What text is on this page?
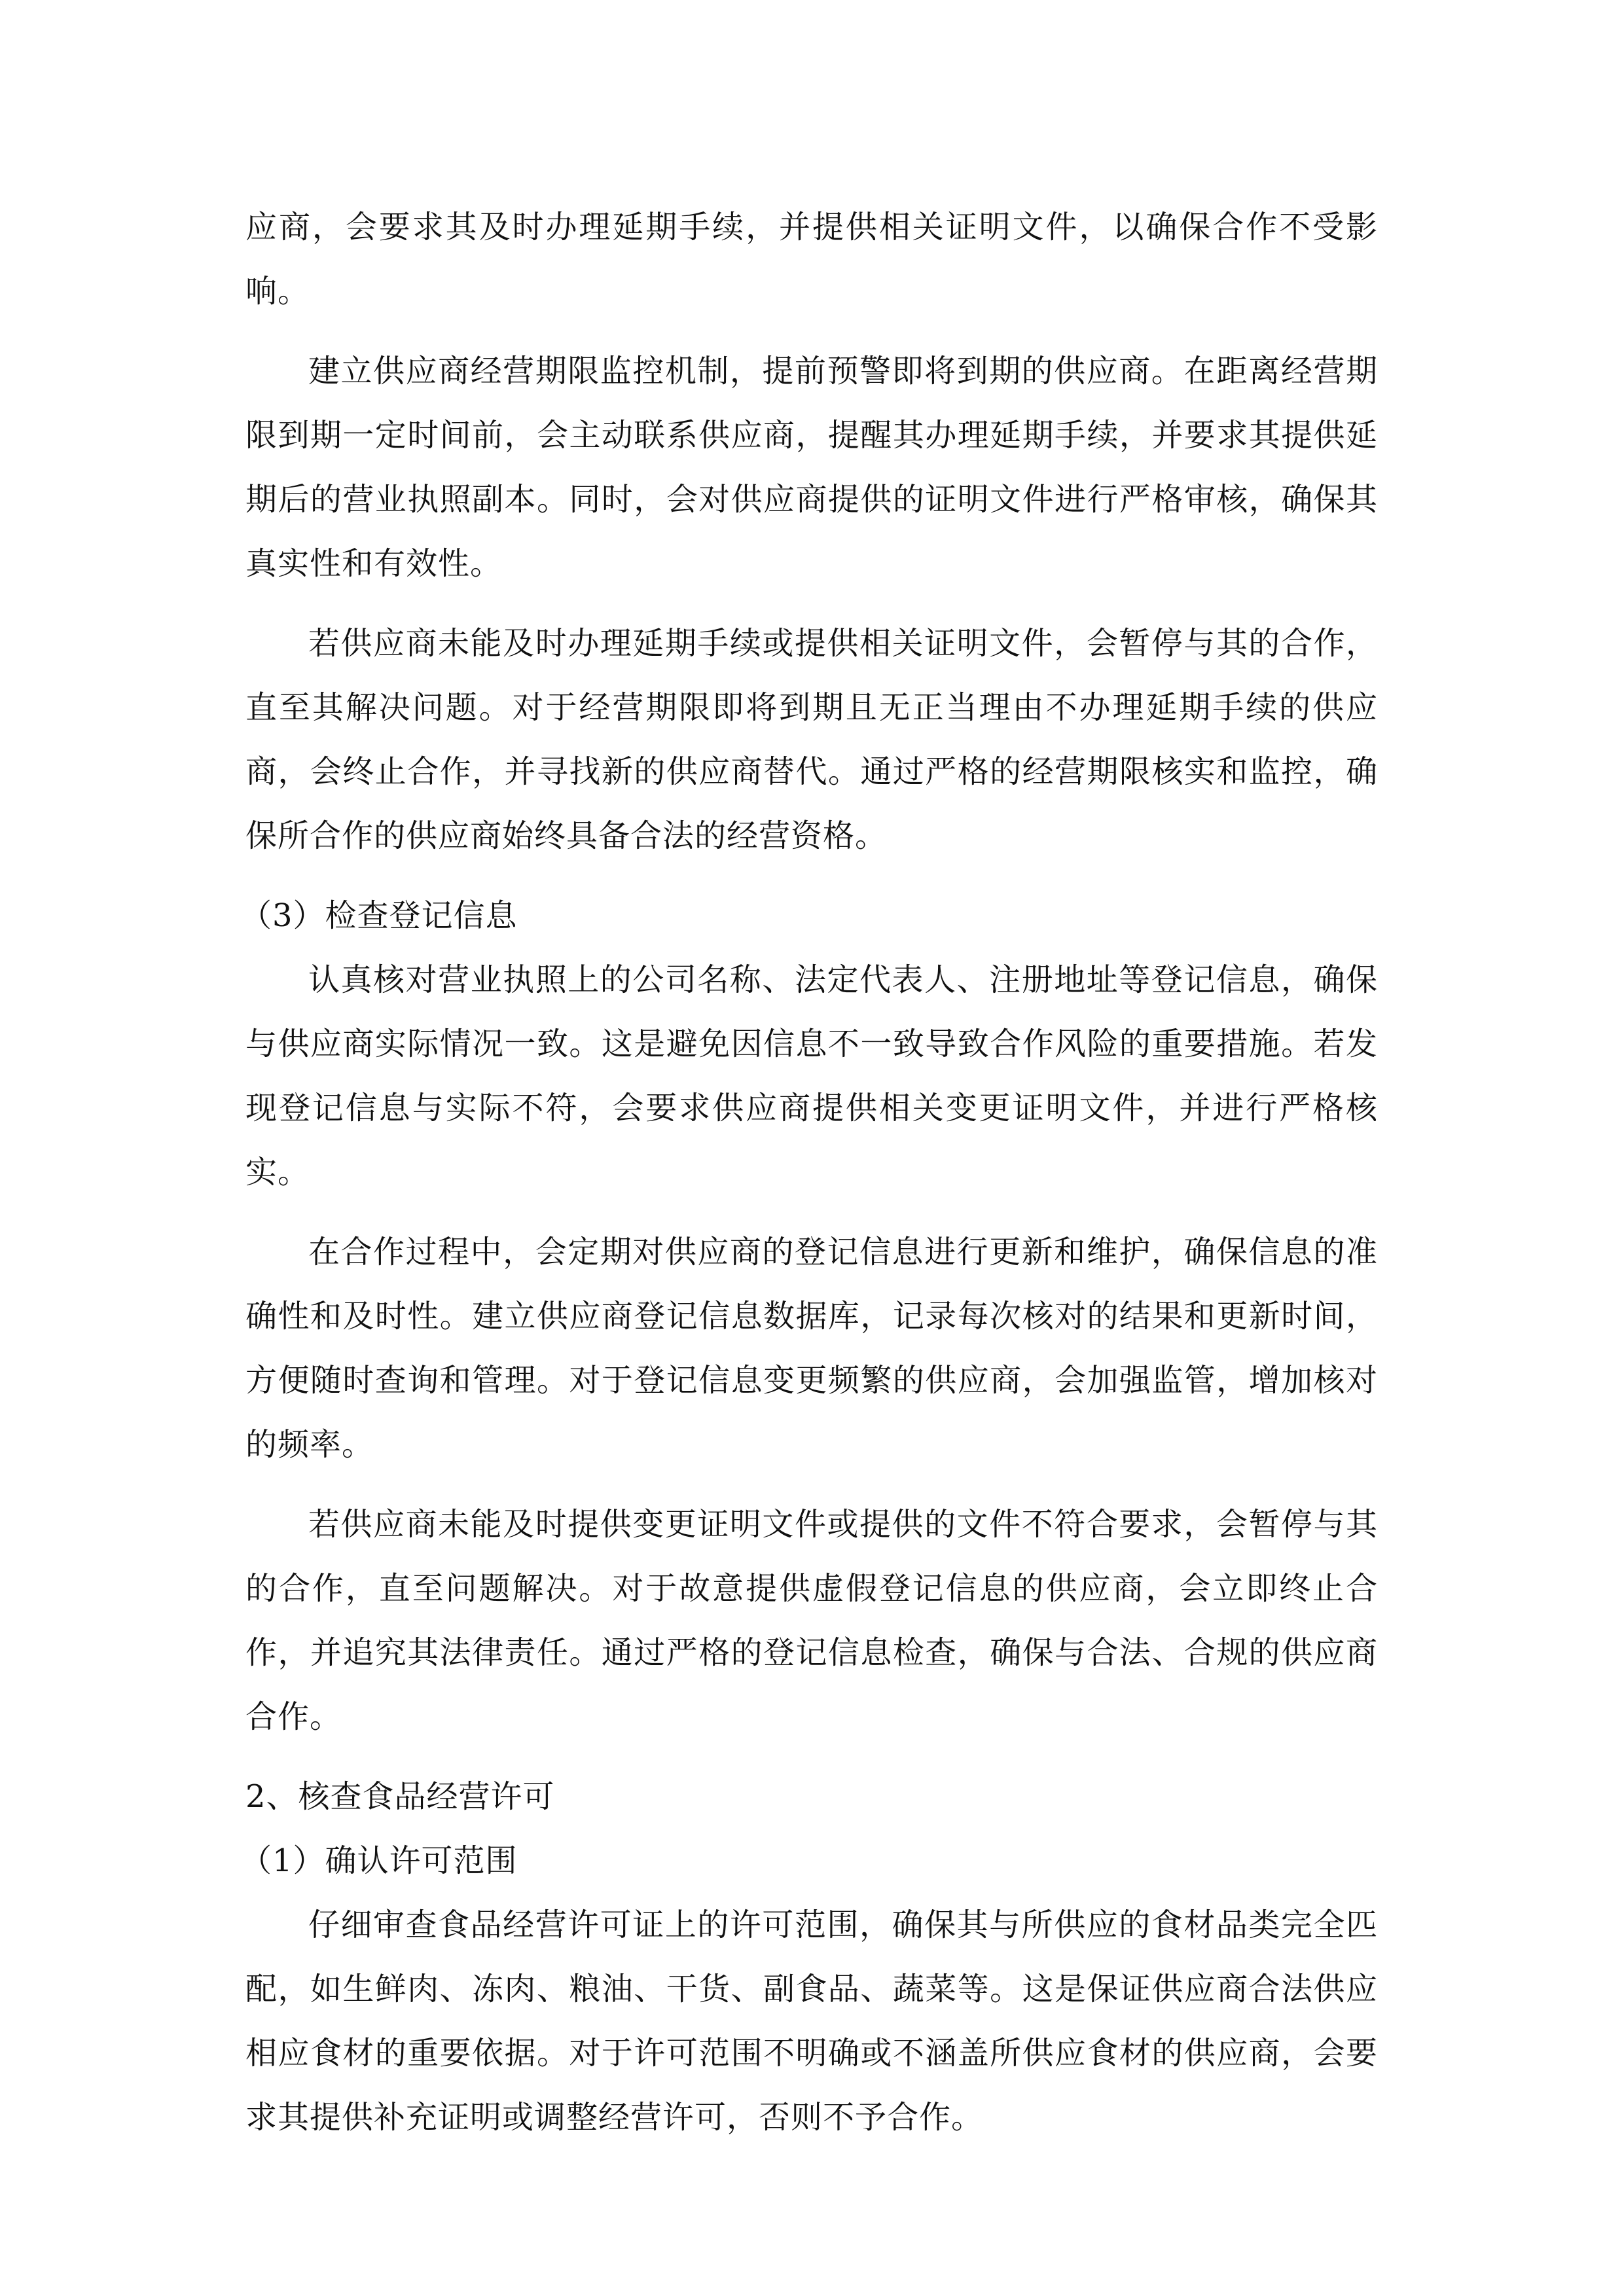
应商，会要求其及时办理延期手续，并提供相关证明文件，以确保合作不受影响。

建立供应商经营期限监控机制，提前预警即将到期的供应商。在距离经营期限到期一定时间前，会主动联系供应商，提醒其办理延期手续，并要求其提供延期后的营业执照副本。同时，会对供应商提供的证明文件进行严格审核，确保其真实性和有效性。

若供应商未能及时办理延期手续或提供相关证明文件，会暂停与其的合作，直至其解决问题。对于经营期限即将到期且无正当理由不办理延期手续的供应商，会终止合作，并寻找新的供应商替代。通过严格的经营期限核实和监控，确保所合作的供应商始终具备合法的经营资格。

（3）检查登记信息

认真核对营业执照上的公司名称、法定代表人、注册地址等登记信息，确保与供应商实际情况一致。这是避免因信息不一致导致合作风险的重要措施。若发现登记信息与实际不符，会要求供应商提供相关变更证明文件，并进行严格核实。

在合作过程中，会定期对供应商的登记信息进行更新和维护，确保信息的准确性和及时性。建立供应商登记信息数据库，记录每次核对的结果和更新时间，方便随时查询和管理。对于登记信息变更频繁的供应商，会加强监管，增加核对的频率。

若供应商未能及时提供变更证明文件或提供的文件不符合要求，会暂停与其的合作，直至问题解决。对于故意提供虚假登记信息的供应商，会立即终止合作，并追究其法律责任。通过严格的登记信息检查，确保与合法、合规的供应商合作。

2、核查食品经营许可

（1）确认许可范围

仔细审查食品经营许可证上的许可范围，确保其与所供应的食材品类完全匹配，如生鲜肉、冻肉、粮油、干货、副食品、蔬菜等。这是保证供应商合法供应相应食材的重要依据。对于许可范围不明确或不涵盖所供应食材的供应商，会要求其提供补充证明或调整经营许可，否则不予合作。
